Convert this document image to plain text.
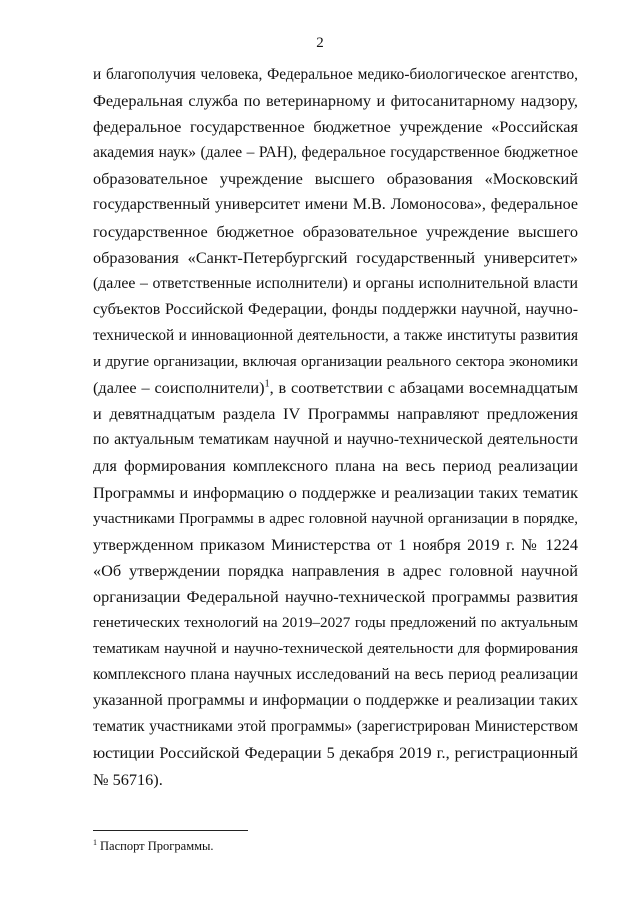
2
и благополучия человека, Федеральное медико-биологическое агентство,
Федеральная служба по ветеринарному и фитосанитарному надзору,
федеральное государственное бюджетное учреждение «Российская
академия наук» (далее – РАН), федеральное государственное бюджетное
образовательное учреждение высшего образования «Московский
государственный университет имени М.В. Ломоносова», федеральное
государственное бюджетное образовательное учреждение высшего
образования «Санкт-Петербургский государственный университет»
(далее – ответственные исполнители) и органы исполнительной власти
субъектов Российской Федерации, фонды поддержки научной, научно-
технической и инновационной деятельности, а также институты развития
и другие организации, включая организации реального сектора экономики
(далее – соисполнители)$^1$, в соответствии с абзацами восемнадцатым
и девятнадцатым раздела IV Программы направляют предложения
по актуальным тематикам научной и научно-технической деятельности
для формирования комплексного плана на весь период реализации
Программы и информацию о поддержке и реализации таких тематик
участниками Программы в адрес головной научной организации в порядке,
утвержденном приказом Министерства от 1 ноября 2019 г. № 1224
«Об утверждении порядка направления в адрес головной научной
организации Федеральной научно-технической программы развития
генетических технологий на 2019–2027 годы предложений по актуальным
тематикам научной и научно-технической деятельности для формирования
комплексного плана научных исследований на весь период реализации
указанной программы и информации о поддержке и реализации таких
тематик участниками этой программы» (зарегистрирован Министерством
юстиции Российской Федерации 5 декабря 2019 г., регистрационный
№ 56716).
$^1$ Паспорт Программы.
